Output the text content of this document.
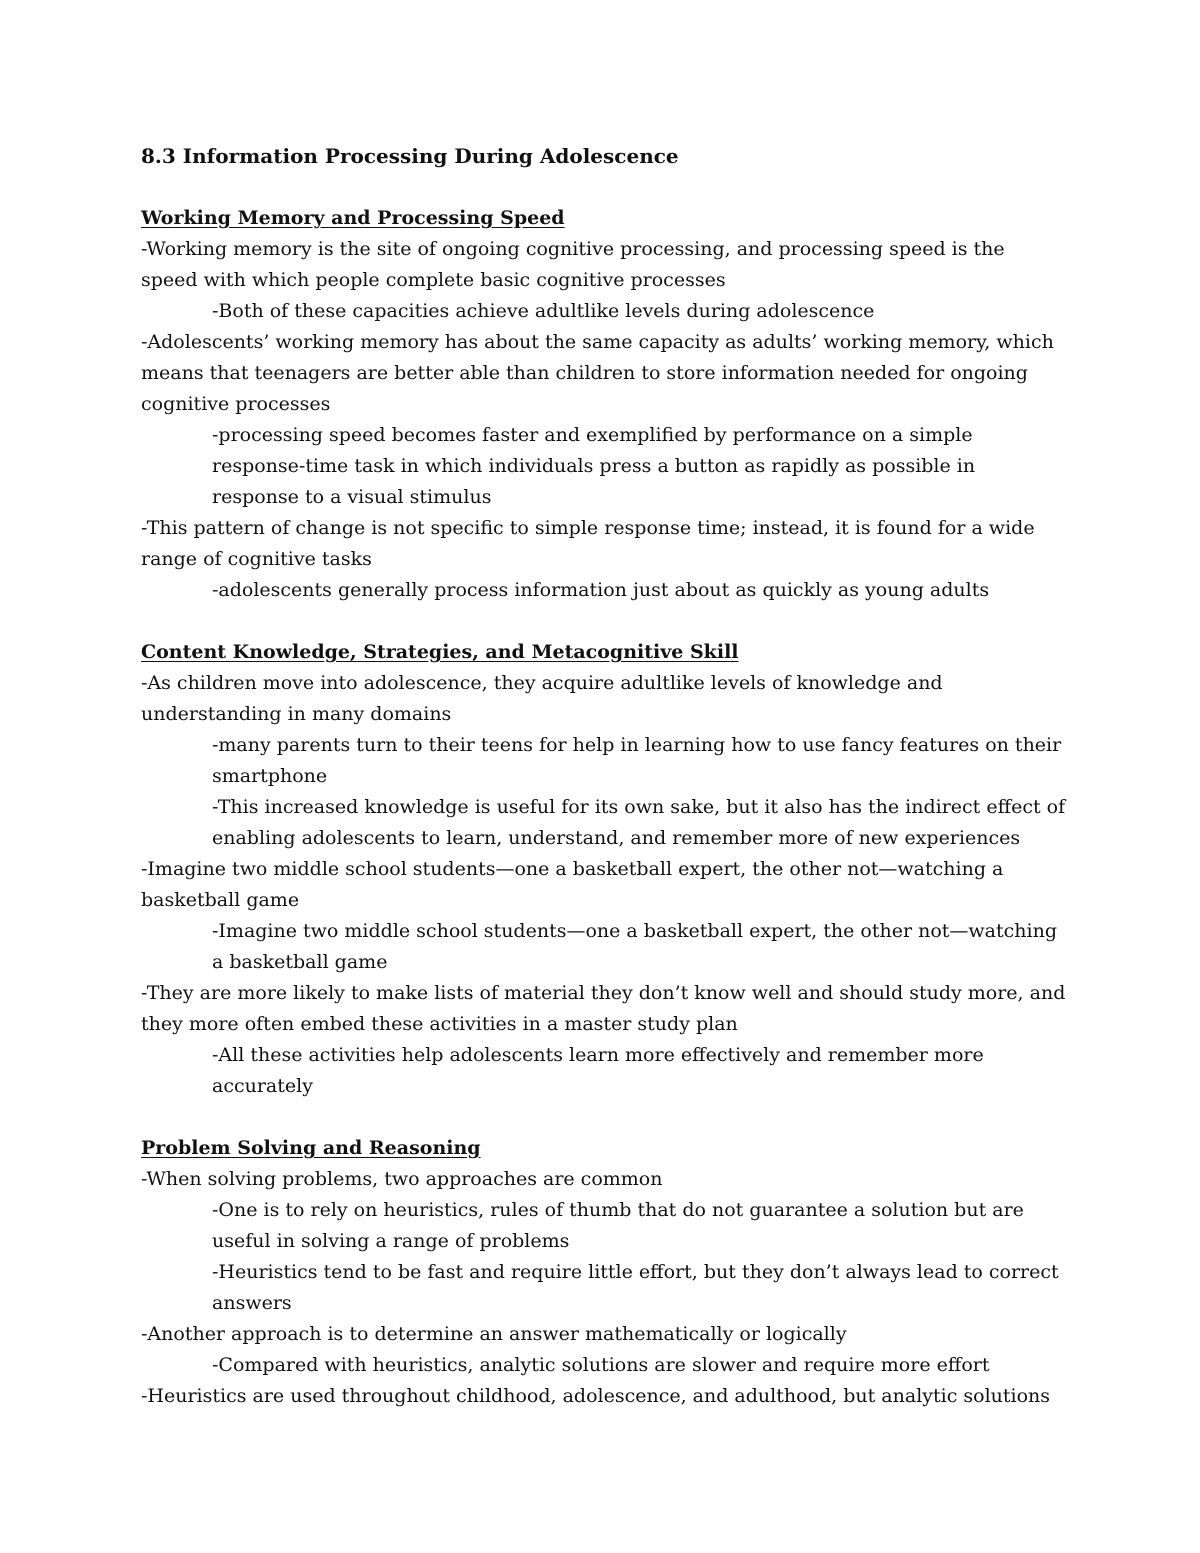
8.3 Information Processing During Adolescence
Working Memory and Processing Speed

-Working memory is the site of ongoing cognitive processing, and processing speed is the speed with which people complete basic cognitive processes

-Both of these capacities achieve adultlike levels during adolescence

-Adolescents’ working memory has about the same capacity as adults’ working memory, which means that teenagers are better able than children to store information needed for ongoing cognitive processes

-processing speed becomes faster and exemplified by performance on a simple response-time task in which individuals press a button as rapidly as possible in response to a visual stimulus

-This pattern of change is not specific to simple response time; instead, it is found for a wide range of cognitive tasks

-adolescents generally process information just about as quickly as young adults

Content Knowledge, Strategies, and Metacognitive Skill

-As children move into adolescence, they acquire adultlike levels of knowledge and understanding in many domains

-many parents turn to their teens for help in learning how to use fancy features on their smartphone

-This increased knowledge is useful for its own sake, but it also has the indirect effect of enabling adolescents to learn, understand, and remember more of new experiences

-Imagine two middle school students—one a basketball expert, the other not—watching a basketball game

-Imagine two middle school students—one a basketball expert, the other not—watching a basketball game

-They are more likely to make lists of material they don’t know well and should study more, and they more often embed these activities in a master study plan

-All these activities help adolescents learn more effectively and remember more accurately

Problem Solving and Reasoning

-When solving problems, two approaches are common

-One is to rely on heuristics, rules of thumb that do not guarantee a solution but are useful in solving a range of problems

-Heuristics tend to be fast and require little effort, but they don’t always lead to correct answers

-Another approach is to determine an answer mathematically or logically

-Compared with heuristics, analytic solutions are slower and require more effort

-Heuristics are used throughout childhood, adolescence, and adulthood, but analytic solutions
